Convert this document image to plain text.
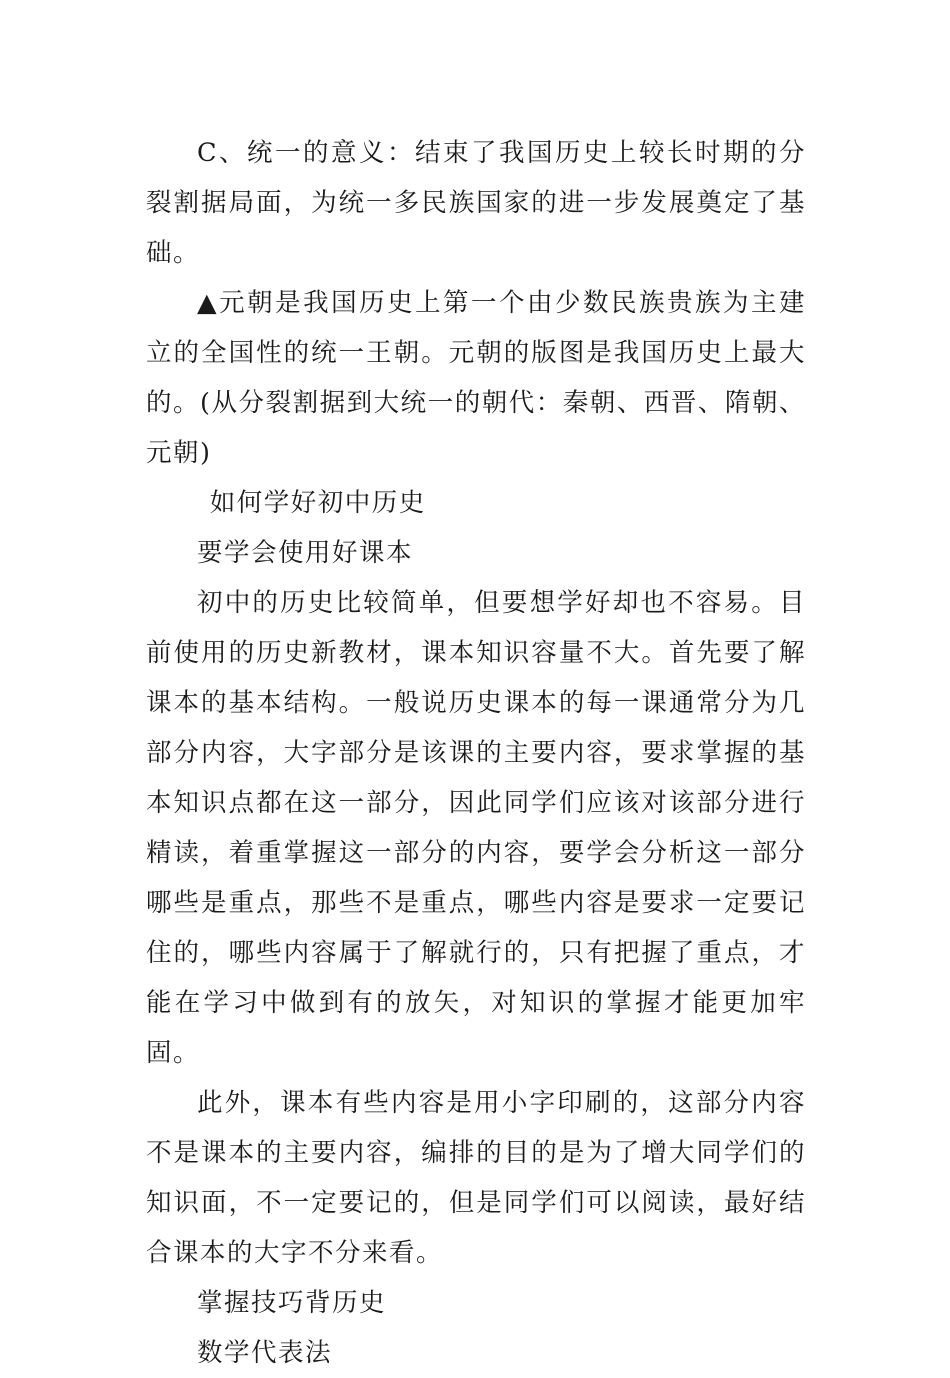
C、统一的意义：结束了我国历史上较长时期的分裂割据局面，为统一多民族国家的进一步发展奠定了基础。

▲元朝是我国历史上第一个由少数民族贵族为主建立的全国性的统一王朝。元朝的版图是我国历史上最大的。(从分裂割据到大统一的朝代：秦朝、西晋、隋朝、元朝)

如何学好初中历史

要学会使用好课本

初中的历史比较简单，但要想学好却也不容易。目前使用的历史新教材，课本知识容量不大。首先要了解课本的基本结构。一般说历史课本的每一课通常分为几部分内容，大字部分是该课的主要内容，要求掌握的基本知识点都在这一部分，因此同学们应该对该部分进行精读，着重掌握这一部分的内容，要学会分析这一部分哪些是重点，那些不是重点，哪些内容是要求一定要记住的，哪些内容属于了解就行的，只有把握了重点，才能在学习中做到有的放矢，对知识的掌握才能更加牢固。

此外，课本有些内容是用小字印刷的，这部分内容不是课本的主要内容，编排的目的是为了增大同学们的知识面，不一定要记的，但是同学们可以阅读，最好结合课本的大字不分来看。

掌握技巧背历史

数学代表法
